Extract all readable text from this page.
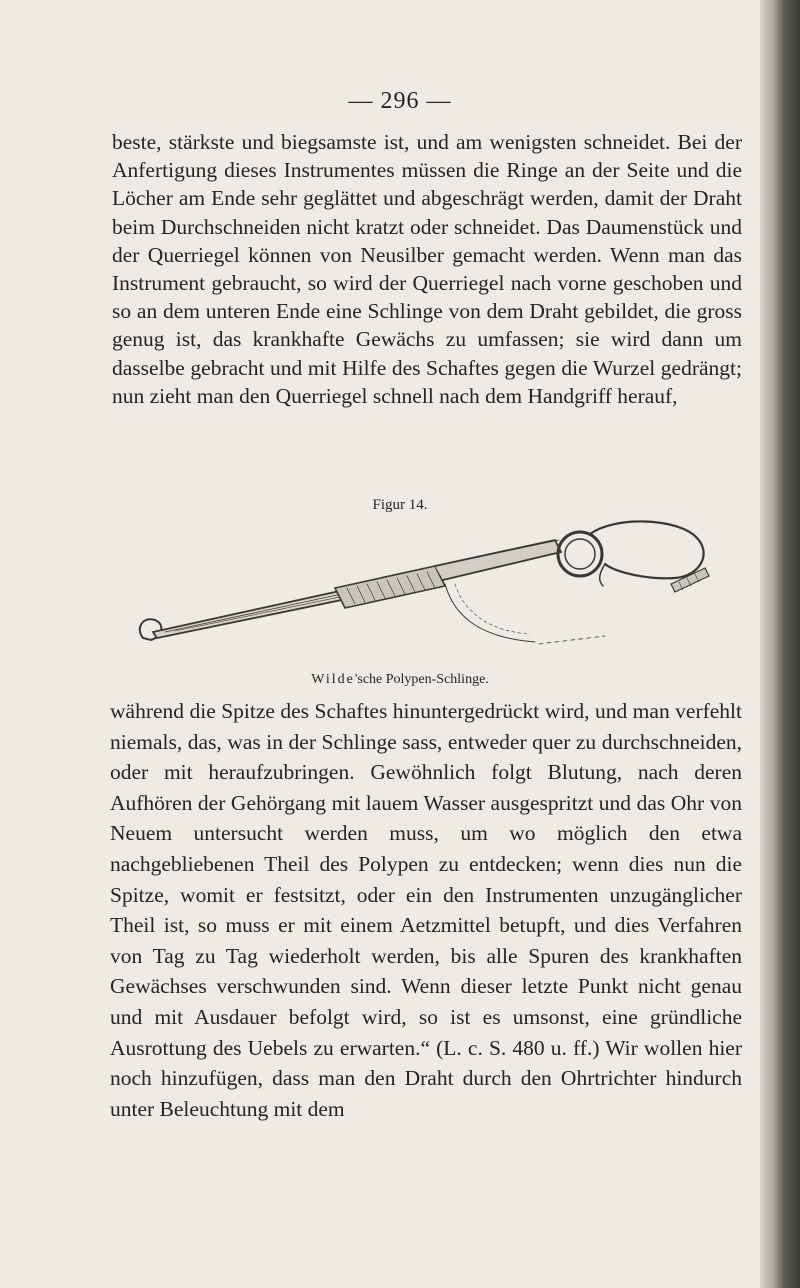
— 296 —

beste, stärkste und biegsamste ist, und am wenigsten schneidet. Bei der Anfertigung dieses Instrumentes müssen die Ringe an der Seite und die Löcher am Ende sehr geglättet und abgeschrägt werden, damit der Draht beim Durchschneiden nicht kratzt oder schneidet. Das Daumenstück und der Querriegel können von Neusilber gemacht werden. Wenn man das Instrument gebraucht, so wird der Querriegel nach vorne geschoben und so an dem unteren Ende eine Schlinge von dem Draht gebildet, die gross genug ist, das krankhafte Gewächs zu umfassen; sie wird dann um dasselbe gebracht und mit Hilfe des Schaftes gegen die Wurzel gedrängt; nun zieht man den Querriegel schnell nach dem Handgriff herauf,

Figur 14.
Wilde'sche Polypen-Schlinge.

während die Spitze des Schaftes hinuntergedrückt wird, und man verfehlt niemals, das, was in der Schlinge sass, entweder quer zu durchschneiden, oder mit heraufzubringen. Gewöhnlich folgt Blutung, nach deren Aufhören der Gehörgang mit lauem Wasser ausgespritzt und das Ohr von Neuem untersucht werden muss, um wo möglich den etwa nachgebliebenen Theil des Polypen zu entdecken; wenn dies nun die Spitze, womit er festsitzt, oder ein den Instrumenten unzugänglicher Theil ist, so muss er mit einem Aetzmittel betupft, und dies Verfahren von Tag zu Tag wiederholt werden, bis alle Spuren des krankhaften Gewächses verschwunden sind. Wenn dieser letzte Punkt nicht genau und mit Ausdauer befolgt wird, so ist es umsonst, eine gründliche Ausrottung des Uebels zu erwarten.“ (L. c. S. 480 u. ff.) Wir wollen hier noch hinzufügen, dass man den Draht durch den Ohrtrichter hindurch unter Beleuchtung mit dem
